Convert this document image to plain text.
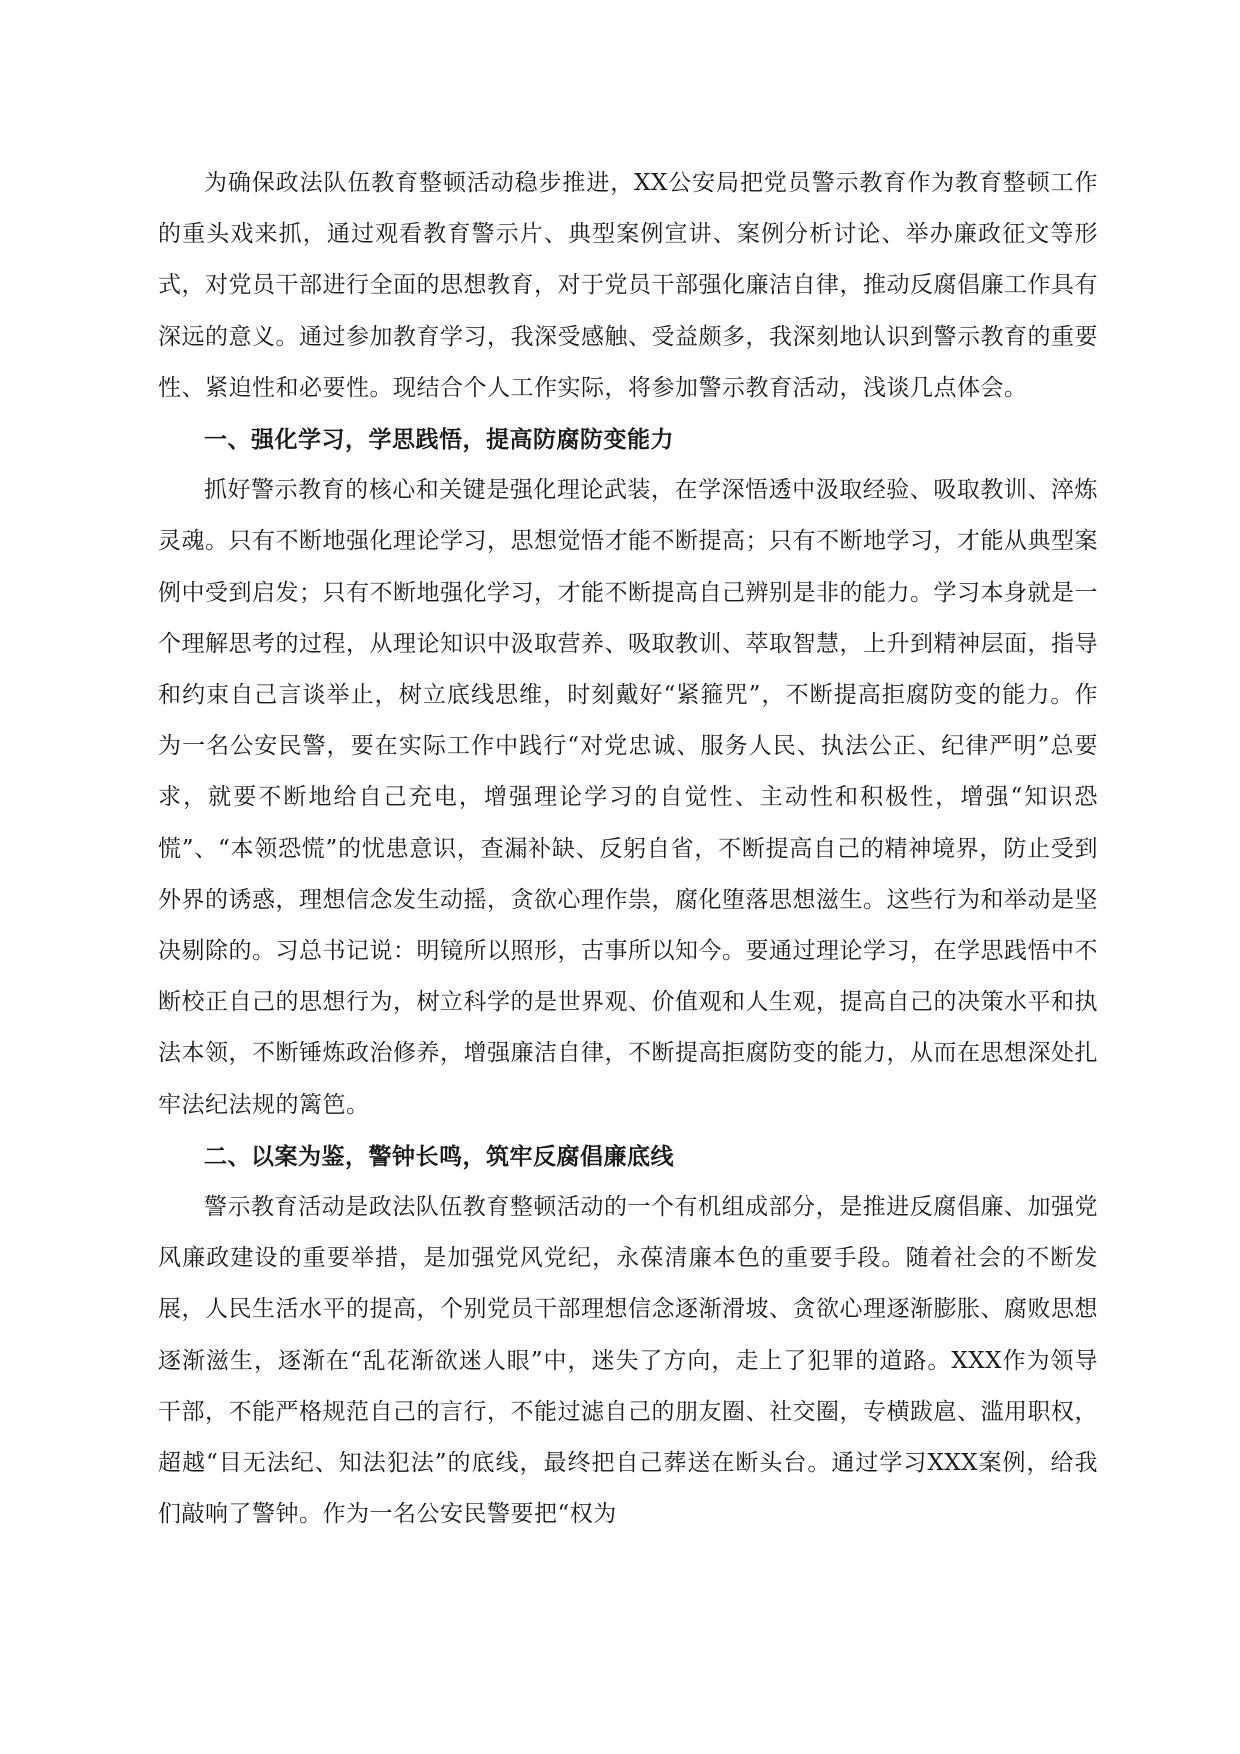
为确保政法队伍教育整顿活动稳步推进，XX公安局把党员警示教育作为教育整顿工作的重头戏来抓，通过观看教育警示片、典型案例宣讲、案例分析讨论、举办廉政征文等形式，对党员干部进行全面的思想教育，对于党员干部强化廉洁自律，推动反腐倡廉工作具有深远的意义。通过参加教育学习，我深受感触、受益颇多，我深刻地认识到警示教育的重要性、紧迫性和必要性。现结合个人工作实际，将参加警示教育活动，浅谈几点体会。

一、强化学习，学思践悟，提高防腐防变能力

抓好警示教育的核心和关键是强化理论武装，在学深悟透中汲取经验、吸取教训、淬炼灵魂。只有不断地强化理论学习，思想觉悟才能不断提高；只有不断地学习，才能从典型案例中受到启发；只有不断地强化学习，才能不断提高自己辨别是非的能力。学习本身就是一个理解思考的过程，从理论知识中汲取营养、吸取教训、萃取智慧，上升到精神层面，指导和约束自己言谈举止，树立底线思维，时刻戴好“紧箍咒”，不断提高拒腐防变的能力。作为一名公安民警，要在实际工作中践行“对党忠诚、服务人民、执法公正、纪律严明”总要求，就要不断地给自己充电，增强理论学习的自觉性、主动性和积极性，增强“知识恐慌”、“本领恐慌”的忧患意识，查漏补缺、反躬自省，不断提高自己的精神境界，防止受到外界的诱惑，理想信念发生动摇，贪欲心理作祟，腐化堕落思想滋生。这些行为和举动是坚决剔除的。习总书记说：明镜所以照形，古事所以知今。要通过理论学习，在学思践悟中不断校正自己的思想行为，树立科学的是世界观、价值观和人生观，提高自己的决策水平和执法本领，不断锤炼政治修养，增强廉洁自律，不断提高拒腐防变的能力，从而在思想深处扎牢法纪法规的篱笆。

二、以案为鉴，警钟长鸣，筑牢反腐倡廉底线

警示教育活动是政法队伍教育整顿活动的一个有机组成部分，是推进反腐倡廉、加强党风廉政建设的重要举措，是加强党风党纪，永葆清廉本色的重要手段。随着社会的不断发展，人民生活水平的提高，个别党员干部理想信念逐渐滑坡、贪欲心理逐渐膨胀、腐败思想逐渐滋生，逐渐在“乱花渐欲迷人眼”中，迷失了方向，走上了犯罪的道路。XXX作为领导干部，不能严格规范自己的言行，不能过滤自己的朋友圈、社交圈，专横跋扈、滥用职权，超越“目无法纪、知法犯法”的底线，最终把自己葬送在断头台。通过学习XXX案例，给我们敲响了警钟。作为一名公安民警要把“权为
